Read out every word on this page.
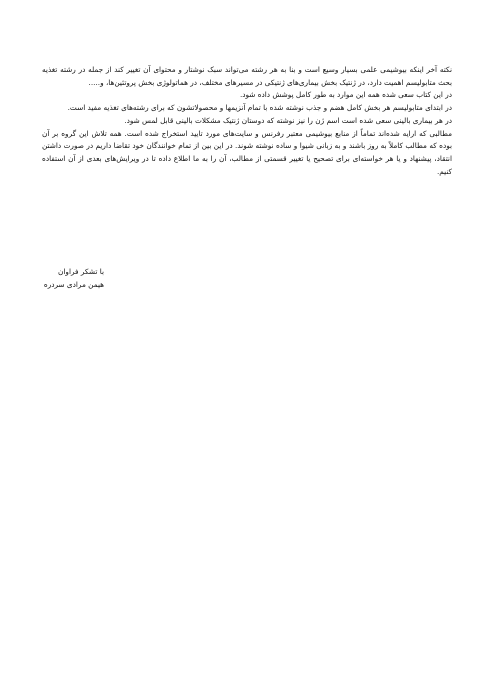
نکته آخر اینکه بیوشیمی علمی بسیار وسیع است و بنا به هر رشته می‌تواند سبک نوشتار و محتوای آن تغییر کند از جمله در رشته تغذیه بحث متابولیسم اهمیت دارد، در ژنتیک بخش بیماری‌های ژنتیکی در مسیرهای مختلف، در هماتولوژی بخش پروتئین‌ها، و.....

در این کتاب سعی شده همه این موارد به طور کامل پوشش داده شود.

در ابتدای متابولیسم هر بخش کامل هضم و جذب نوشته شده با تمام آنزیمها و محصولاتشون که برای رشته‌های تغذیه مفید است.

در هر بیماری بالینی سعی شده است اسم ژن را نیز نوشته که دوستان ژنتیک مشکلات بالینی قابل لمس شود.

مطالبی که ارایه شده‌اند تماماً از منابع بیوشیمی معتبر رفرنس و سایت‌های مورد تایید استخراج شده است. همه تلاش این گروه بر آن بوده که مطالب کاملاً به روز باشند و به زبانی شیوا و ساده نوشته شوند. در این بین از تمام خوانندگان خود تقاضا داریم در صورت داشتن انتقاد، پیشنهاد و یا هر خواسته‌ای برای تصحیح یا تغییر قسمتی از مطالب، آن را به ما اطلاع داده تا در ویرایش‌های بعدی از آن استفاده کنیم.

با تشکر فراوان
هیمن مرادی سردره
